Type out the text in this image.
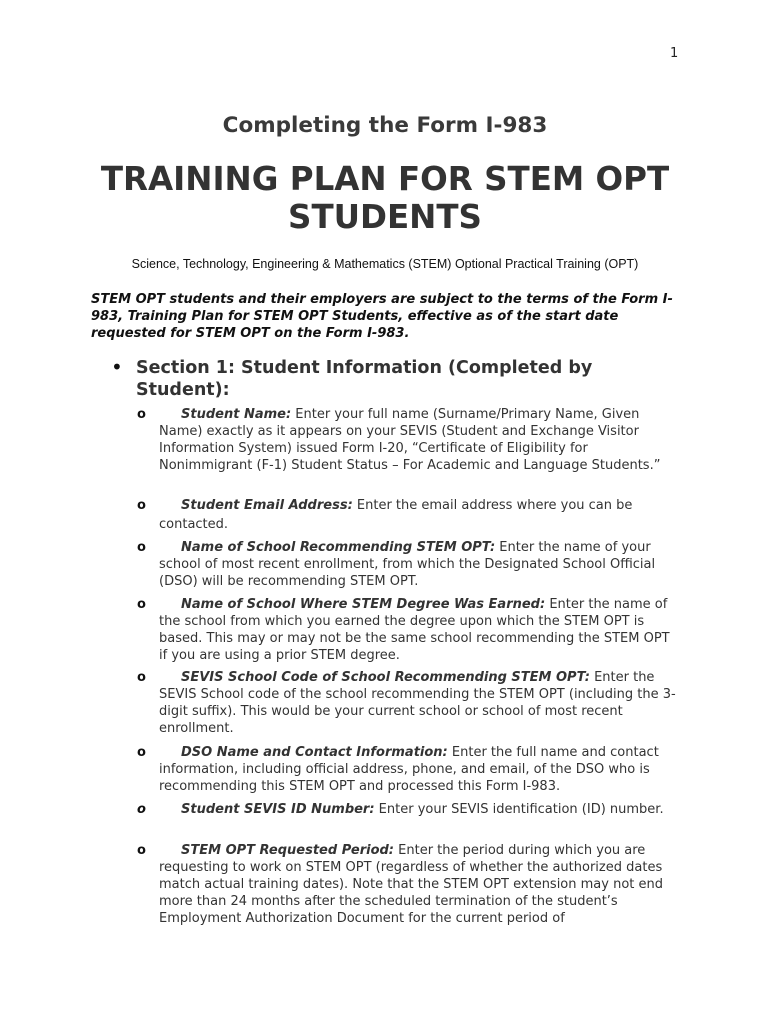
1
Completing the Form I-983
TRAINING PLAN FOR STEM OPT STUDENTS
Science, Technology, Engineering & Mathematics (STEM) Optional Practical Training (OPT)
STEM OPT students and their employers are subject to the terms of the Form I-983, Training Plan for STEM OPT Students, effective as of the start date requested for STEM OPT on the Form I-983.
• Section 1: Student Information (Completed by Student):
o	Student Name: Enter your full name (Surname/Primary Name, Given Name) exactly as it appears on your SEVIS (Student and Exchange Visitor Information System) issued Form I-20, “Certificate of Eligibility for Nonimmigrant (F-1) Student Status – For Academic and Language Students.”
o	Student Email Address: Enter the email address where you can be contacted.
o	Name of School Recommending STEM OPT: Enter the name of your school of most recent enrollment, from which the Designated School Official (DSO) will be recommending STEM OPT.
o	Name of School Where STEM Degree Was Earned: Enter the name of the school from which you earned the degree upon which the STEM OPT is based. This may or may not be the same school recommending the STEM OPT if you are using a prior STEM degree.
o	SEVIS School Code of School Recommending STEM OPT: Enter the SEVIS School code of the school recommending the STEM OPT (including the 3-digit suffix). This would be your current school or school of most recent enrollment.
o	DSO Name and Contact Information: Enter the full name and contact information, including official address, phone, and email, of the DSO who is recommending this STEM OPT and processed this Form I-983.
o	Student SEVIS ID Number: Enter your SEVIS identification (ID) number.
o	STEM OPT Requested Period: Enter the period during which you are requesting to work on STEM OPT (regardless of whether the authorized dates match actual training dates). Note that the STEM OPT extension may not end more than 24 months after the scheduled termination of the student’s Employment Authorization Document for the current period of
